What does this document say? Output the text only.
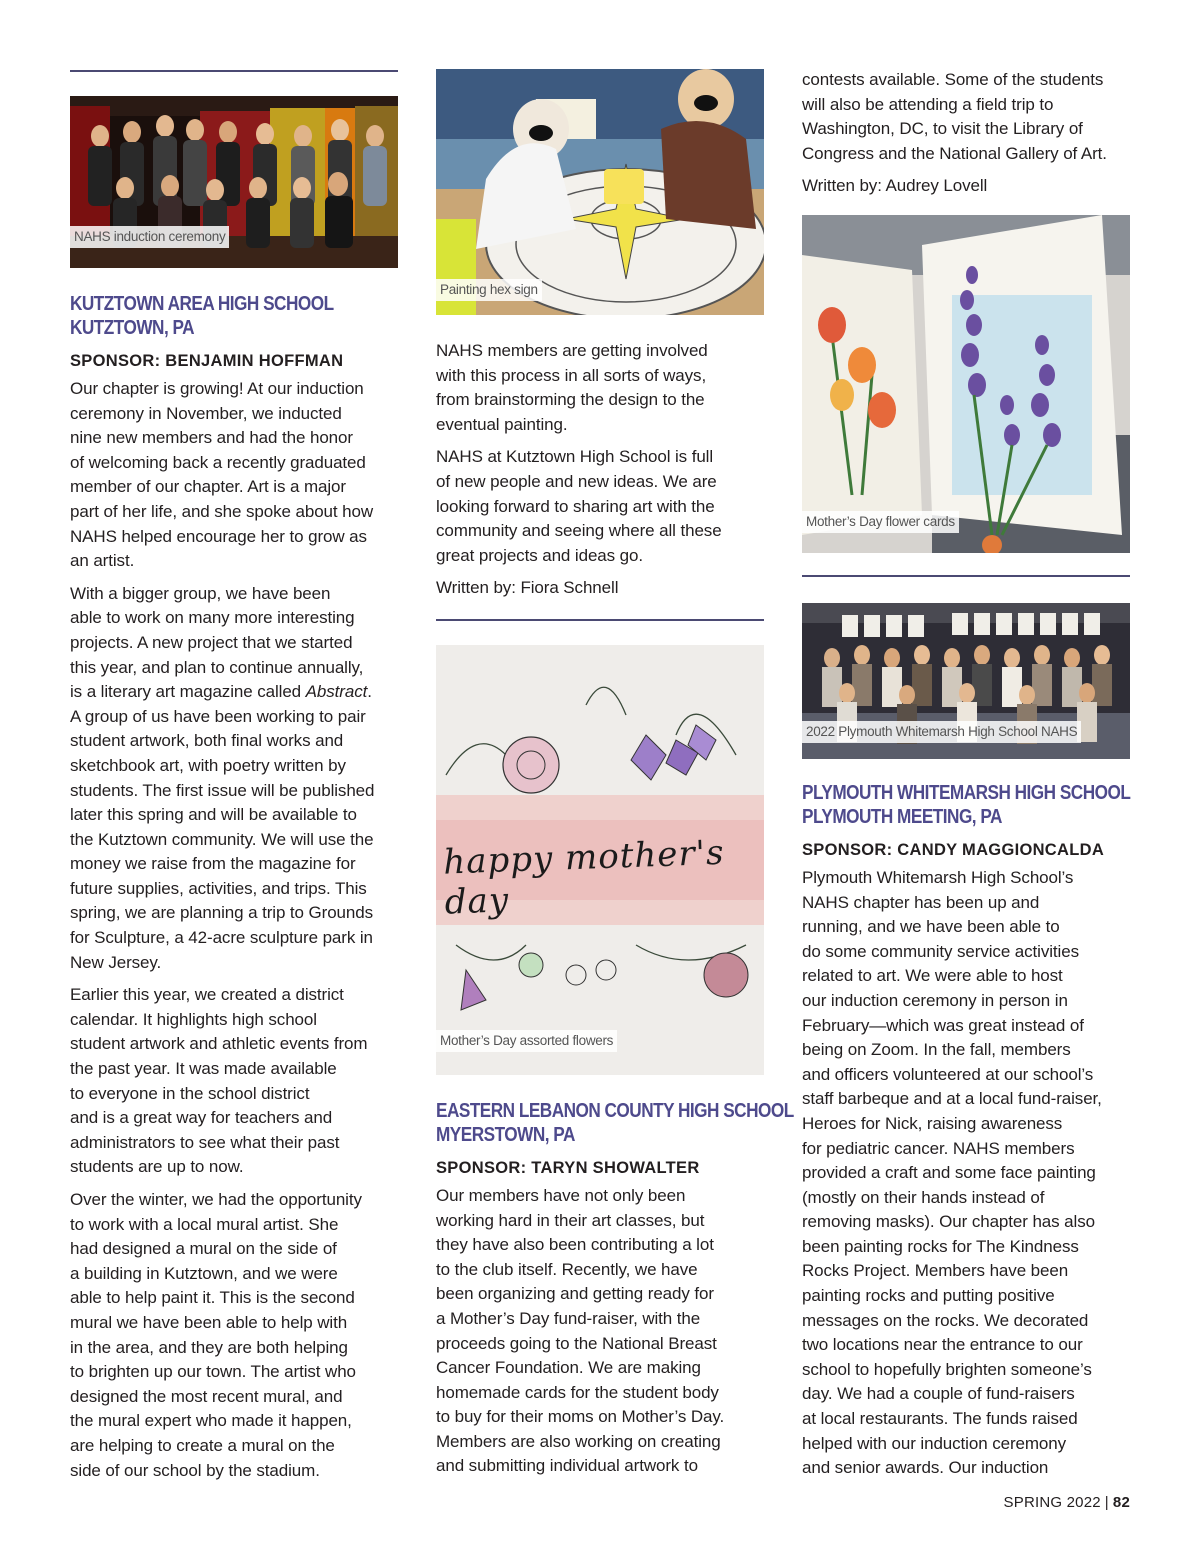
NAHS induction ceremony
KUTZTOWN AREA HIGH SCHOOL
KUTZTOWN, PA
SPONSOR: BENJAMIN HOFFMAN

Our chapter is growing! At our induction
ceremony in November, we inducted
nine new members and had the honor
of welcoming back a recently graduated
member of our chapter. Art is a major
part of her life, and she spoke about how
NAHS helped encourage her to grow as
an artist.

With a bigger group, we have been
able to work on many more interesting
projects. A new project that we started
this year, and plan to continue annually,
is a literary art magazine called Abstract.
A group of us have been working to pair
student artwork, both final works and
sketchbook art, with poetry written by
students. The first issue will be published
later this spring and will be available to
the Kutztown community. We will use the
money we raise from the magazine for
future supplies, activities, and trips. This
spring, we are planning a trip to Grounds
for Sculpture, a 42-acre sculpture park in
New Jersey.

Earlier this year, we created a district
calendar. It highlights high school
student artwork and athletic events from
the past year. It was made available
to everyone in the school district
and is a great way for teachers and
administrators to see what their past
students are up to now.

Over the winter, we had the opportunity
to work with a local mural artist. She
had designed a mural on the side of
a building in Kutztown, and we were
able to help paint it. This is the second
mural we have been able to help with
in the area, and they are both helping
to brighten up our town. The artist who
designed the most recent mural, and
the mural expert who made it happen,
are helping to create a mural on the
side of our school by the stadium.

Painting hex sign

NAHS members are getting involved
with this process in all sorts of ways,
from brainstorming the design to the
eventual painting.

NAHS at Kutztown High School is full
of new people and new ideas. We are
looking forward to sharing art with the
community and seeing where all these
great projects and ideas go.

Written by: Fiora Schnell

happy mother's day
Mother’s Day assorted flowers
EASTERN LEBANON COUNTY HIGH SCHOOL
MYERSTOWN, PA
SPONSOR: TARYN SHOWALTER

Our members have not only been
working hard in their art classes, but
they have also been contributing a lot
to the club itself. Recently, we have
been organizing and getting ready for
a Mother’s Day fund-raiser, with the
proceeds going to the National Breast
Cancer Foundation. We are making
homemade cards for the student body
to buy for their moms on Mother’s Day.
Members are also working on creating
and submitting individual artwork to

contests available. Some of the students
will also be attending a field trip to
Washington, DC, to visit the Library of
Congress and the National Gallery of Art.

Written by: Audrey Lovell

Mother’s Day flower cards
2022 Plymouth Whitemarsh High School NAHS
PLYMOUTH WHITEMARSH HIGH SCHOOL
PLYMOUTH MEETING, PA
SPONSOR: CANDY MAGGIONCALDA

Plymouth Whitemarsh High School’s
NAHS chapter has been up and
running, and we have been able to
do some community service activities
related to art. We were able to host
our induction ceremony in person in
February—which was great instead of
being on Zoom. In the fall, members
and officers volunteered at our school’s
staff barbeque and at a local fund-raiser,
Heroes for Nick, raising awareness
for pediatric cancer. NAHS members
provided a craft and some face painting
(mostly on their hands instead of
removing masks). Our chapter has also
been painting rocks for The Kindness
Rocks Project. Members have been
painting rocks and putting positive
messages on the rocks. We decorated
two locations near the entrance to our
school to hopefully brighten someone’s
day. We had a couple of fund-raisers
at local restaurants. The funds raised
helped with our induction ceremony
and senior awards. Our induction

SPRING 2022 | 82
